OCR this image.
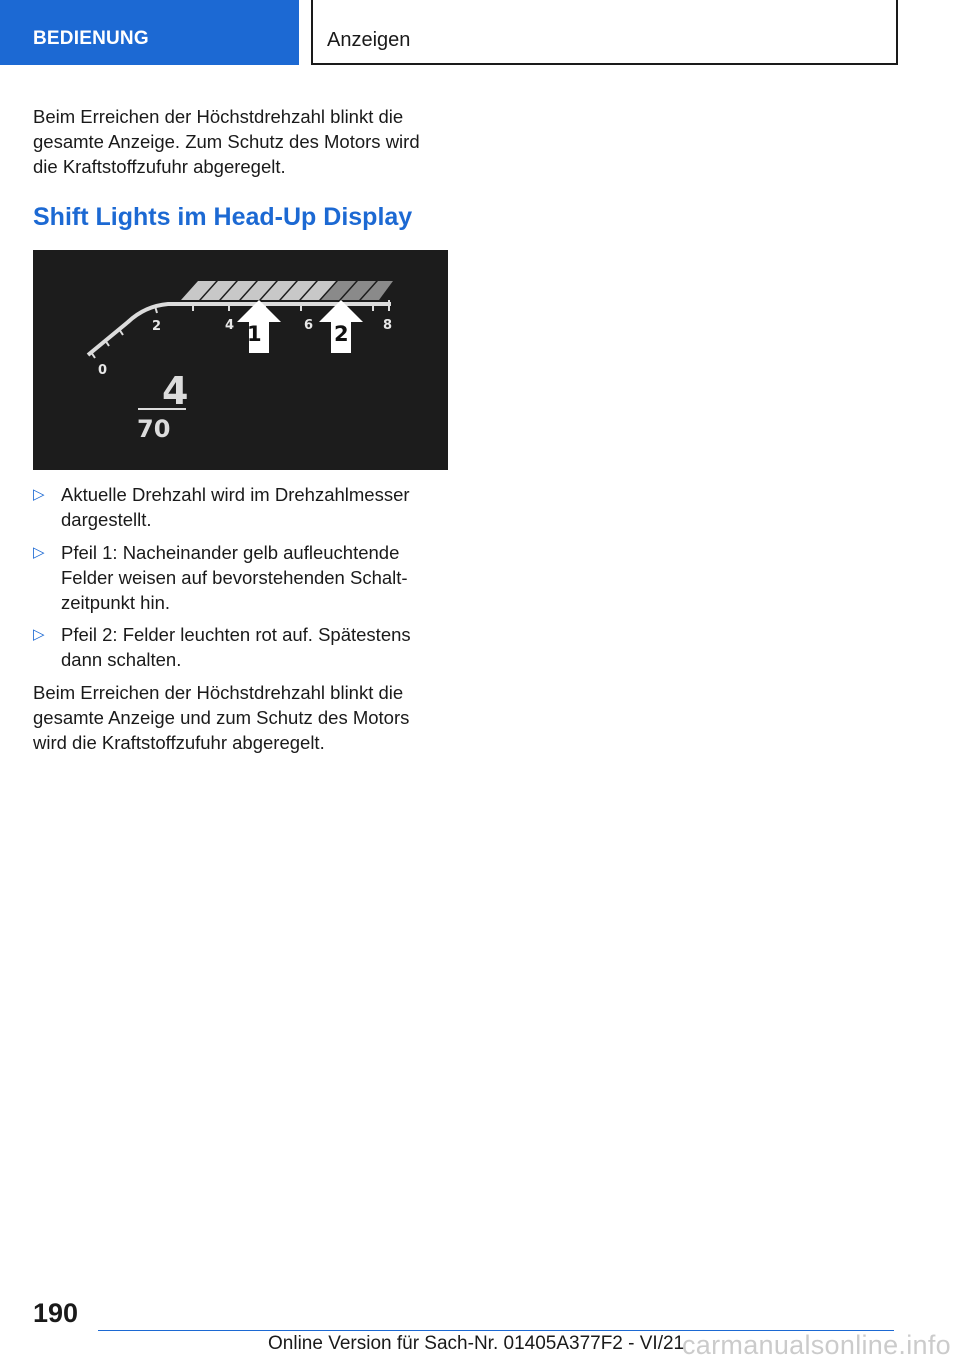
BEDIENUNG	Anzeigen

Beim Erreichen der Höchstdrehzahl blinkt die gesamte Anzeige. Zum Schutz des Motors wird die Kraftstoffzufuhr abgeregelt.

Shift Lights im Head-Up Display
0
2	4	6	8
1	2
4
70
▷ Aktuelle Drehzahl wird im Drehzahlmesser dargestellt.
▷ Pfeil 1: Nacheinander gelb aufleuchtende Felder weisen auf bevorstehenden Schalt‐zeitpunkt hin.
▷ Pfeil 2: Felder leuchten rot auf. Spätestens dann schalten.

Beim Erreichen der Höchstdrehzahl blinkt die gesamte Anzeige und zum Schutz des Motors wird die Kraftstoffzufuhr abgeregelt.

190
Online Version für Sach-Nr. 01405A377F2 - VI/21
carmanualsonline.info
